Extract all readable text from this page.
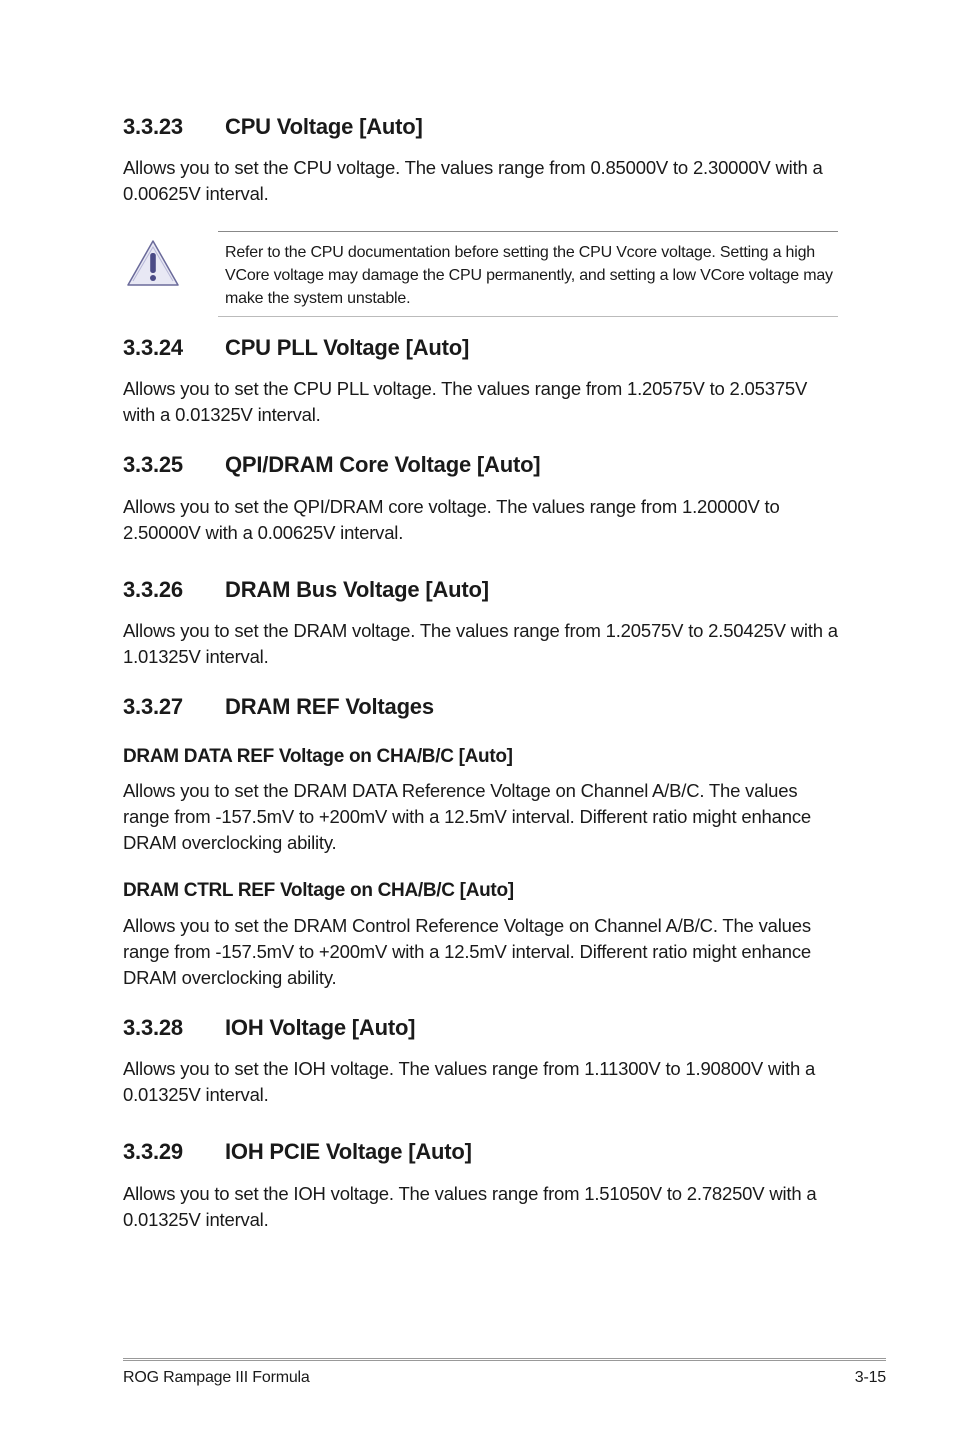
3.3.23	CPU Voltage [Auto]
Allows you to set the CPU voltage. The values range from 0.85000V to 2.30000V with a 0.00625V interval.
Refer to the CPU documentation before setting the CPU Vcore voltage. Setting a high VCore voltage may damage the CPU permanently, and setting a low VCore voltage may make the system unstable.
3.3.24	CPU PLL Voltage [Auto]
Allows you to set the CPU PLL voltage. The values range from 1.20575V to 2.05375V with a 0.01325V interval.
3.3.25	QPI/DRAM Core Voltage [Auto]
Allows you to set the QPI/DRAM core voltage. The values range from 1.20000V to 2.50000V with a 0.00625V interval.
3.3.26	DRAM Bus Voltage [Auto]
Allows you to set the DRAM voltage. The values range from 1.20575V to 2.50425V with a 1.01325V interval.
3.3.27	DRAM REF Voltages
DRAM DATA REF Voltage on CHA/B/C [Auto]
Allows you to set the DRAM DATA Reference Voltage on Channel A/B/C. The values range from -157.5mV to +200mV with a 12.5mV interval. Different ratio might enhance DRAM overclocking ability.
DRAM CTRL REF Voltage on CHA/B/C [Auto]
Allows you to set the DRAM Control Reference Voltage on Channel A/B/C. The values range from -157.5mV to +200mV with a 12.5mV interval. Different ratio might enhance DRAM overclocking ability.
3.3.28	IOH Voltage [Auto]
Allows you to set the IOH voltage. The values range from 1.11300V to 1.90800V with a 0.01325V interval.
3.3.29	IOH PCIE Voltage [Auto]
Allows you to set the IOH voltage. The values range from 1.51050V to 2.78250V with a 0.01325V interval.
ROG Rampage III Formula	3-15
